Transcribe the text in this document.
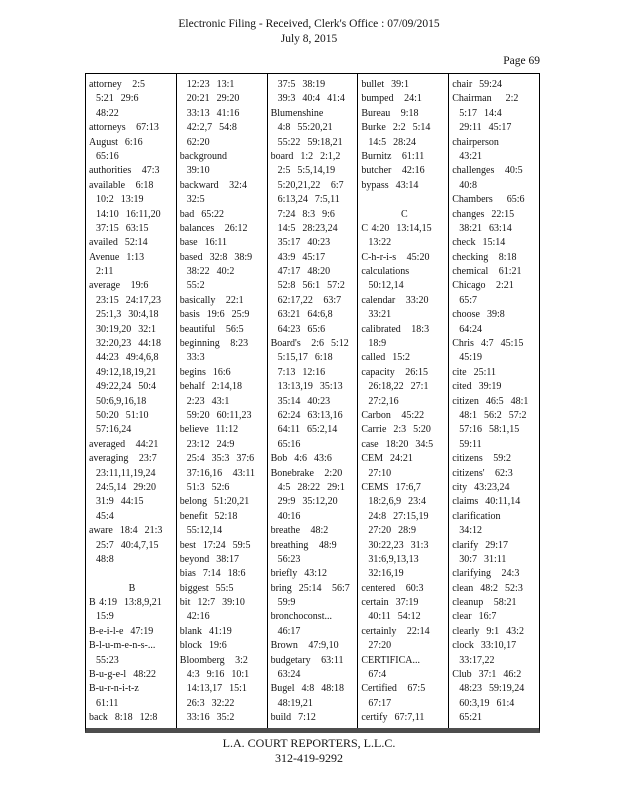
Electronic Filing - Received, Clerk's Office : 07/09/2015
July 8, 2015
Page 69
attorney   2:5
5:21  29:6
48:22
attorneys   67:13
August  6:16
65:16
authorities   47:3
available   6:18
10:2  13:19
14:10  16:11,20
37:15  63:15
availed  52:14
Avenue  1:13
2:11
average   19:6
23:15  24:17,23
25:1,3  30:4,18
30:19,20  32:1
32:20,23  44:18
44:23  49:4,6,8
49:12,18,19,21
49:22,24  50:4
50:6,9,16,18
50:20  51:10
57:16,24
averaged   44:21
averaging   23:7
23:11,11,19,24
24:5,14  29:20
31:9  44:15
45:4
aware  18:4  21:3
25:7  40:4,7,15
48:8

B
B 4:19  13:8,9,21
15:9
B-e-i-l-e  47:19
B-l-u-m-e-n-s-...
55:23
B-u-g-e-l  48:22
B-u-r-n-i-t-z
61:11
back  8:18  12:8
12:23  13:1
20:21  29:20
33:13  41:16
42:2,7  54:8
62:20
background
39:10
backward   32:4
32:5
bad  65:22
balances   26:12
base  16:11
based  32:8  38:9
38:22  40:2
55:2
basically   22:1
basis  19:6  25:9
beautiful   56:5
beginning   8:23
33:3
begins  16:6
behalf  2:14,18
2:23  43:1
59:20  60:11,23
believe  11:12
23:12  24:9
25:4  35:3  37:6
37:16,16   43:11
51:3  52:6
belong  51:20,21
benefit  52:18
55:12,14
best  17:24  59:5
beyond  38:17
bias  7:14  18:6
biggest  55:5
bit  12:7  39:10
42:16
blank  41:19
block  19:6
Bloomberg   3:2
4:3  9:16  10:1
14:13,17  15:1
26:3  32:22
33:16  35:2
37:5  38:19
39:3  40:4  41:4
Blumenshine
4:8  55:20,21
55:22  59:18,21
board  1:2  2:1,2
2:5  5:5,14,19
5:20,21,22   6:7
6:13,24  7:5,11
7:24  8:3  9:6
14:5  28:23,24
35:17  40:23
43:9  45:17
47:17  48:20
52:8  56:1  57:2
62:17,22   63:7
63:21  64:6,8
64:23  65:6
Board's   2:6  5:12
5:15,17  6:18
7:13  12:16
13:13,19  35:13
35:14  40:23
62:24  63:13,16
64:11  65:2,14
65:16
Bob  4:6  43:6
Bonebrake   2:20
4:5  28:22  29:1
29:9  35:12,20
40:16
breathe   48:2
breathing   48:9
56:23
briefly  43:12
bring  25:14   56:7
59:9
bronchoconst...
46:17
Brown   47:9,10
budgetary   63:11
63:24
Bugel  4:8  48:18
48:19,21
build  7:12
bullet  39:1
bumped   24:1
Bureau   9:18
Burke  2:2  5:14
14:5  28:24
Burnitz   61:11
butcher   42:16
bypass  43:14

C
C 4:20  13:14,15
13:22
C-h-r-i-s   45:20
calculations
50:12,14
calendar   33:20
33:21
calibrated   18:3
18:9
called  15:2
capacity   26:15
26:18,22  27:1
27:2,16
Carbon   45:22
Carrie  2:3  5:20
case  18:20  34:5
CEM  24:21
27:10
CEMS  17:6,7
18:2,6,9  23:4
24:8  27:15,19
27:20  28:9
30:22,23  31:3
31:6,9,13,13
32:16,19
centered   60:3
certain  37:19
40:11  54:12
certainly   22:14
27:20
CERTIFICA...
67:4
Certified   67:5
67:17
certify  67:7,11
chair  59:24
Chairman    2:2
5:17  14:4
29:11  45:17
chairperson
43:21
challenges   40:5
40:8
Chambers    65:6
changes  22:15
38:21  63:14
check  15:14
checking   8:18
chemical   61:21
Chicago   2:21
65:7
choose  39:8
64:24
Chris  4:7  45:15
45:19
cite  25:11
cited  39:19
citizen  46:5  48:1
48:1  56:2  57:2
57:16  58:1,15
59:11
citizens   59:2
citizens'   62:3
city  43:23,24
claims  40:11,14
clarification
34:12
clarify  29:17
30:7  31:11
clarifying   24:3
clean  48:2  52:3
cleanup   58:21
clear  16:7
clearly  9:1  43:2
clock  33:10,17
33:17,22
Club  37:1  46:2
48:23  59:19,24
60:3,19  61:4
65:21
L.A. COURT REPORTERS, L.L.C.
312-419-9292
